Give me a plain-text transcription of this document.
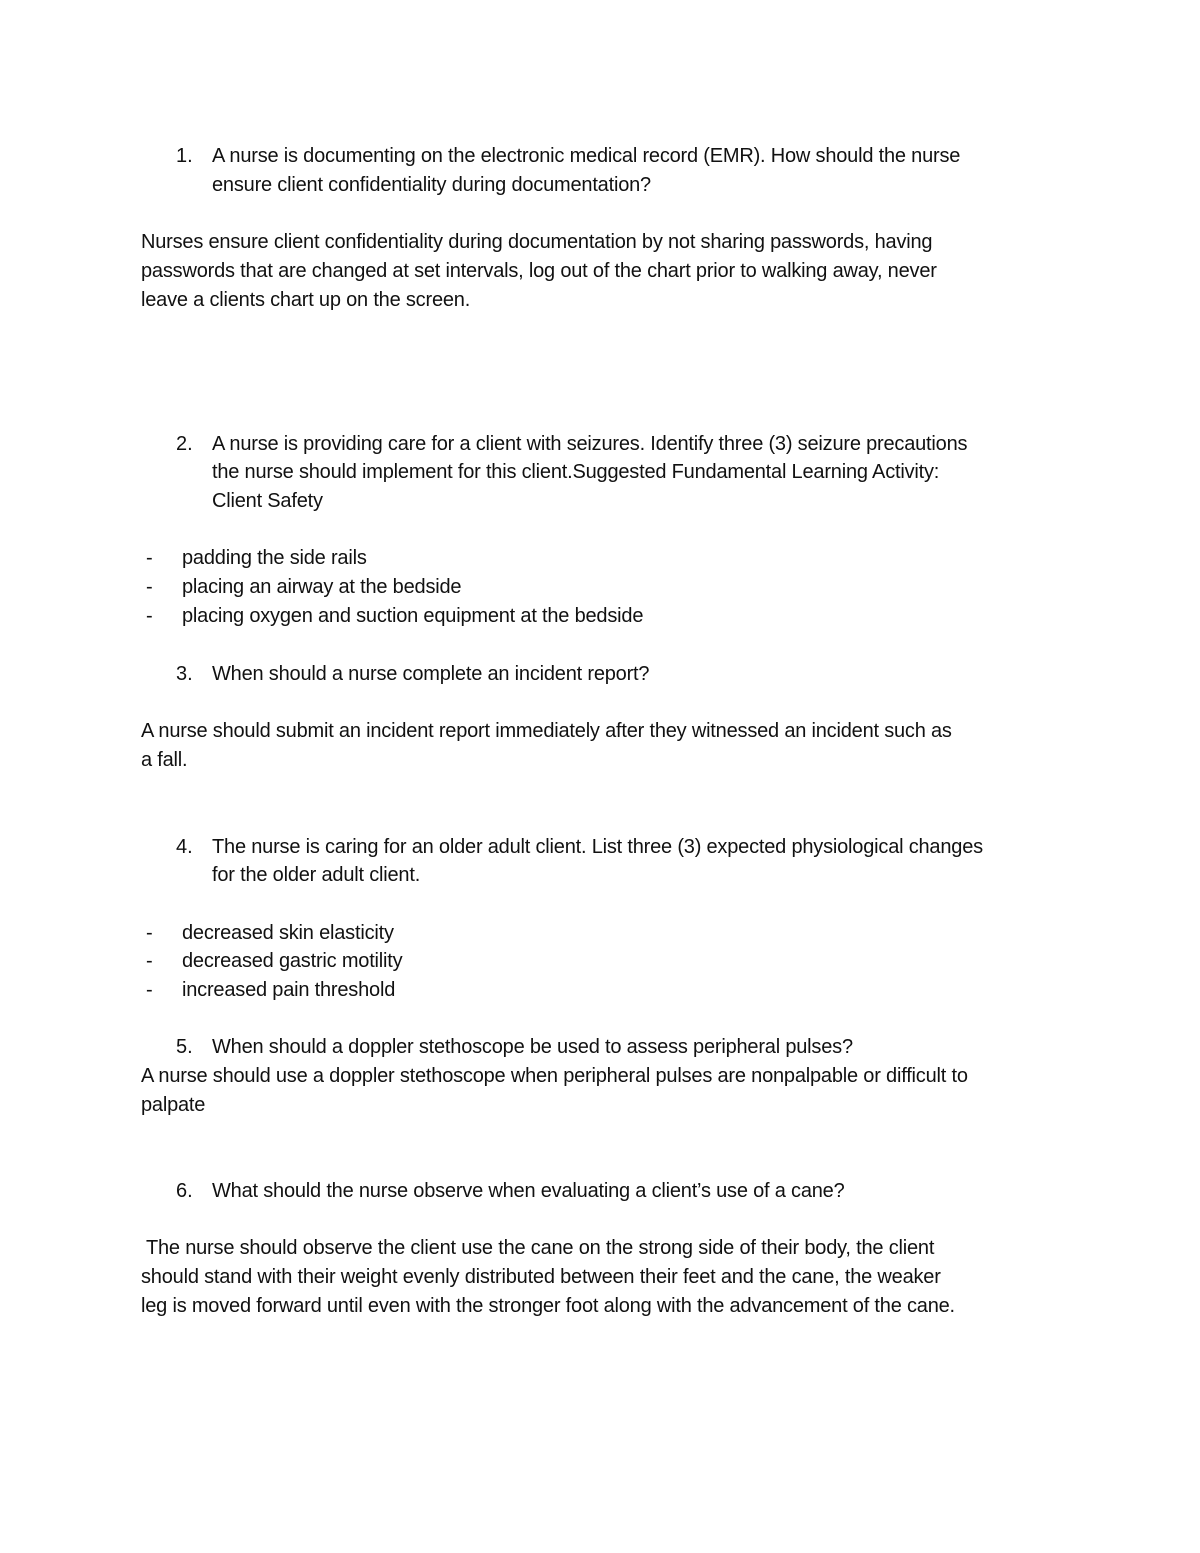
1. A nurse is documenting on the electronic medical record (EMR). How should the nurse
ensure client confidentiality during documentation?
Nurses ensure client confidentiality during documentation by not sharing passwords, having
passwords that are changed at set intervals, log out of the chart prior to walking away, never
leave a clients chart up on the screen.
2. A nurse is providing care for a client with seizures. Identify three (3) seizure precautions
the nurse should implement for this client.Suggested Fundamental Learning Activity:
Client Safety
- padding the side rails
- placing an airway at the bedside
- placing oxygen and suction equipment at the bedside
3. When should a nurse complete an incident report?
A nurse should submit an incident report immediately after they witnessed an incident such as
a fall.
4. The nurse is caring for an older adult client. List three (3) expected physiological changes
for the older adult client.
- decreased skin elasticity
- decreased gastric motility
- increased pain threshold
5. When should a doppler stethoscope be used to assess peripheral pulses?
A nurse should use a doppler stethoscope when peripheral pulses are nonpalpable or difficult to
palpate
6. What should the nurse observe when evaluating a client’s use of a cane?
The nurse should observe the client use the cane on the strong side of their body, the client
should stand with their weight evenly distributed between their feet and the cane, the weaker
leg is moved forward until even with the stronger foot along with the advancement of the cane.
